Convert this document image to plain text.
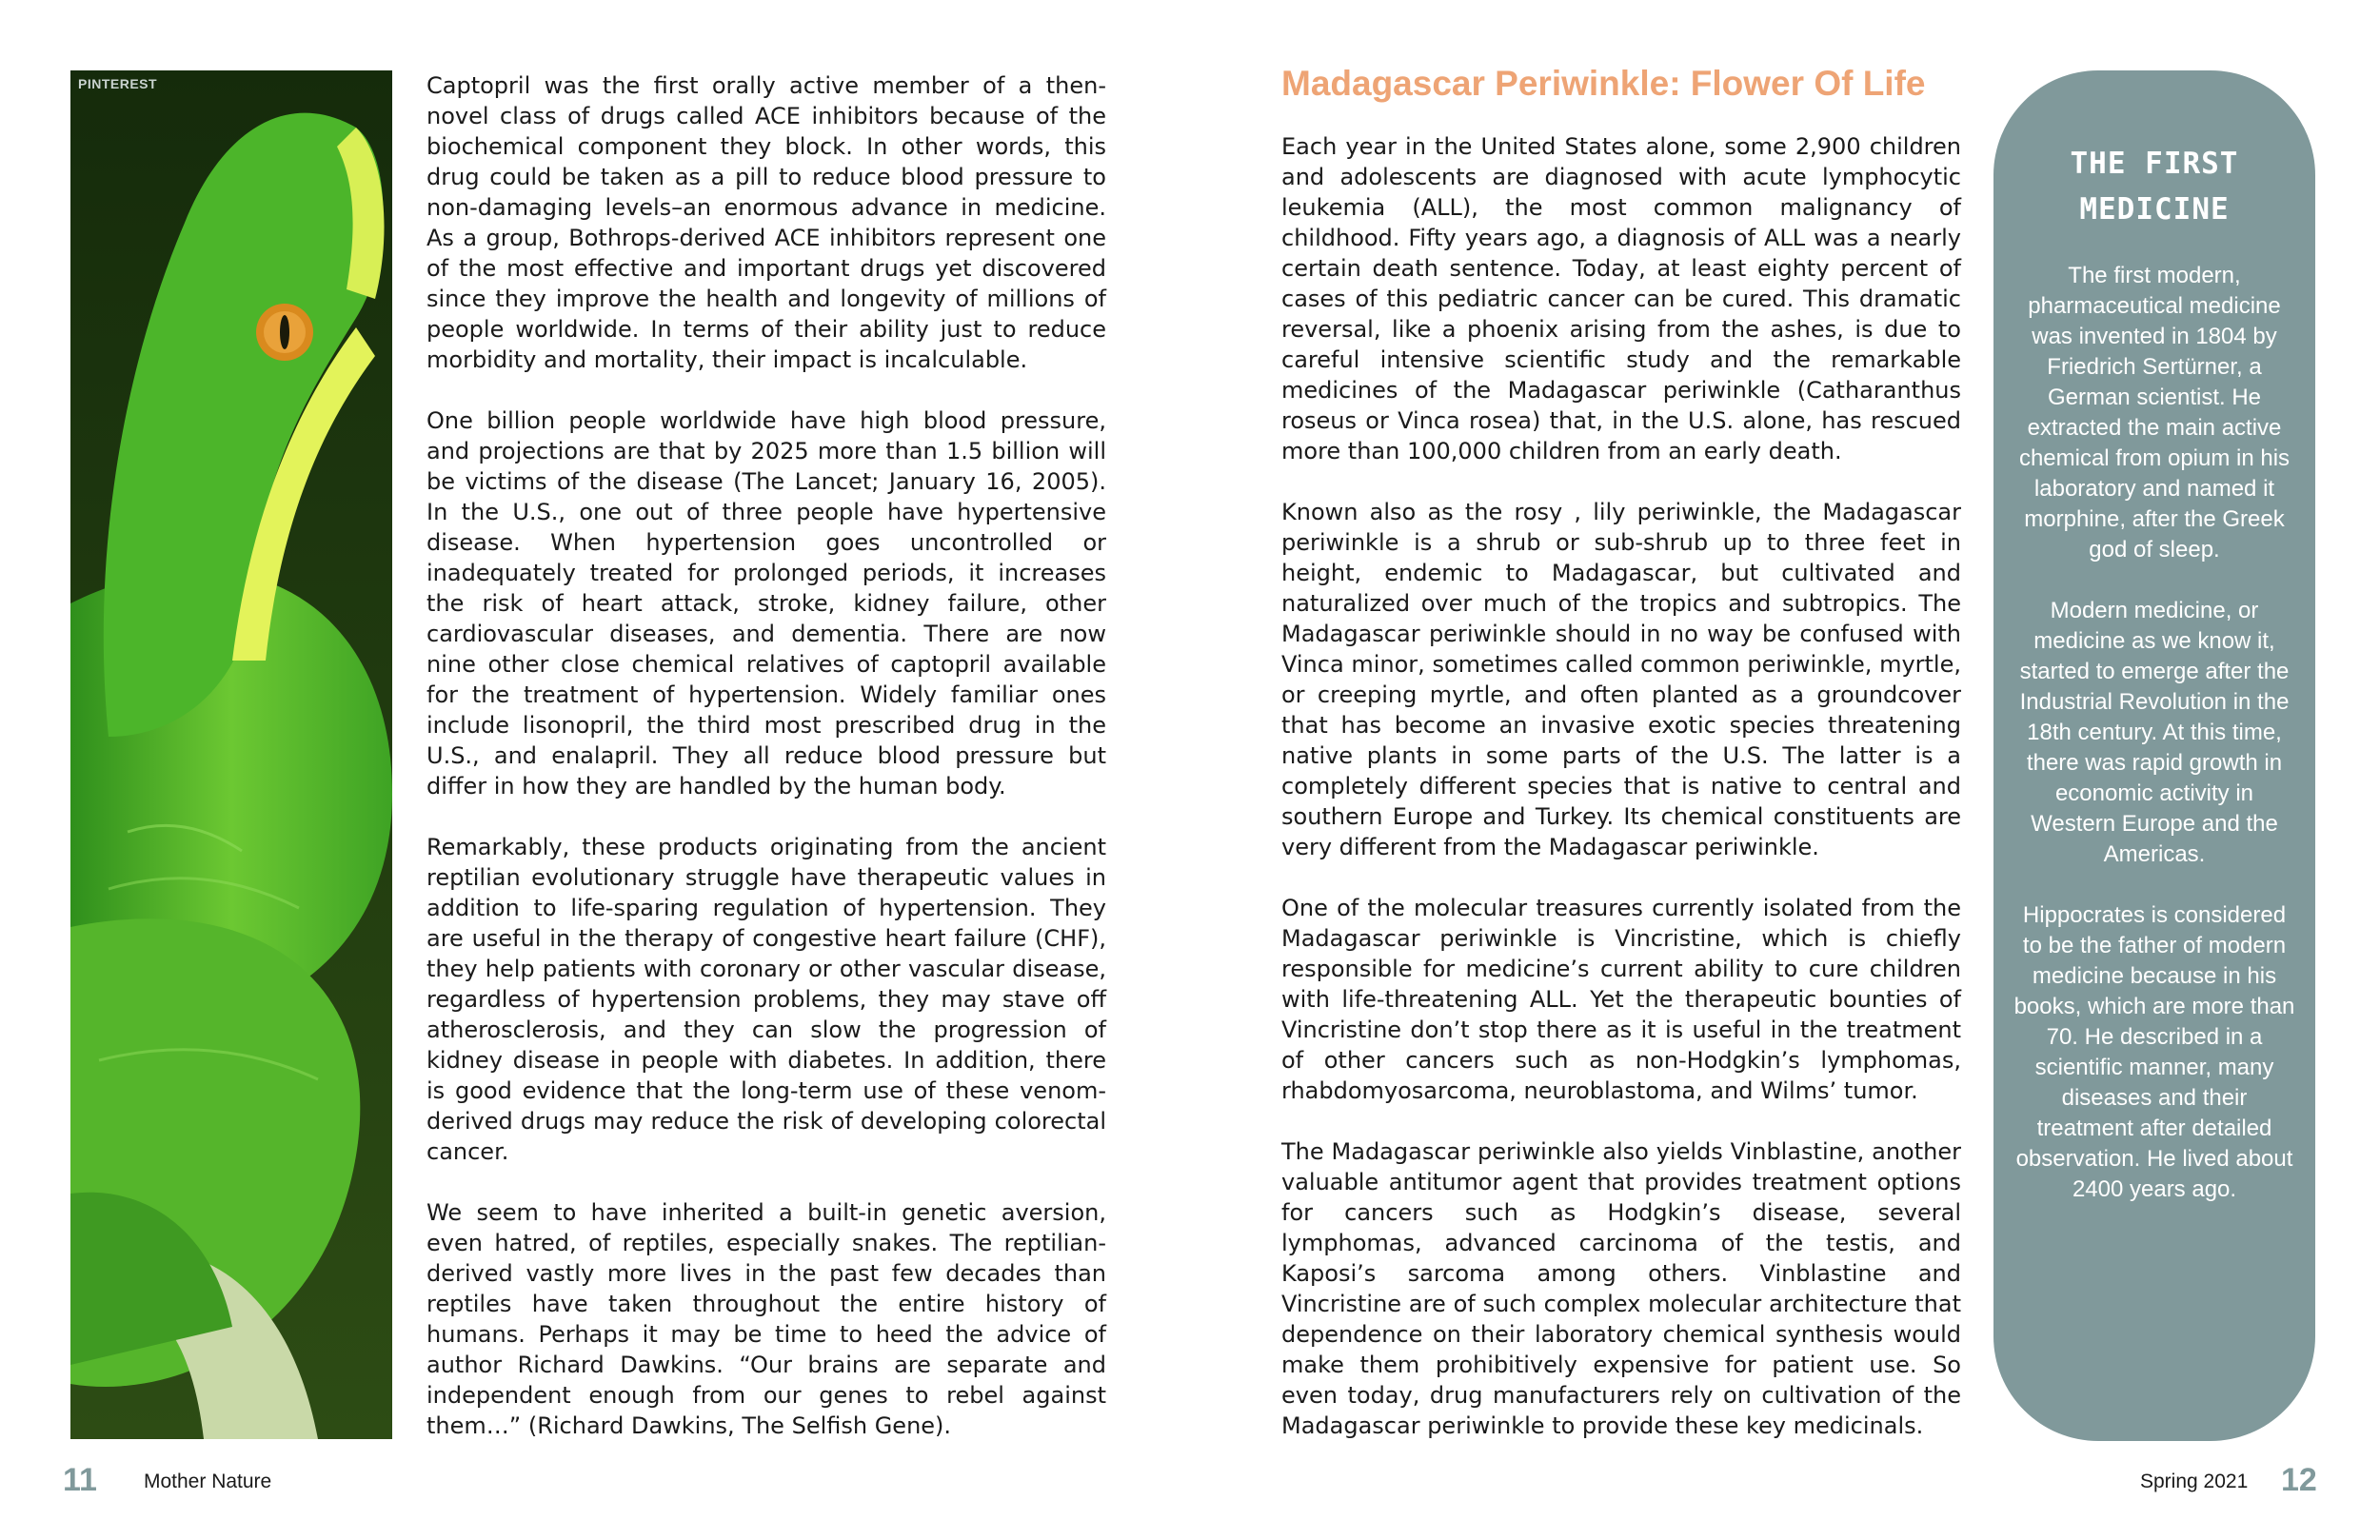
PINTEREST	Captopril was the first orally active member of a then-novel class of drugs called ACE inhibitors because of the biochemical component they block. In other words, this drug could be taken as a pill to reduce blood pressure to non-damaging levels–an enormous advance in medicine. As a group, Bothrops-derived ACE inhibitors represent one of the most effective and important drugs yet discovered since they improve the health and longevity of millions of people worldwide. In terms of their ability just to reduce morbidity and mortality, their impact is incalculable.

One billion people worldwide have high blood pressure, and projections are that by 2025 more than 1.5 billion will be victims of the disease (The Lancet; January 16, 2005). In the U.S., one out of three people have hypertensive disease. When hypertension goes uncontrolled or inadequately treated for prolonged periods, it increases the risk of heart attack, stroke, kidney failure, other cardiovascular diseases, and dementia. There are now nine other close chemical relatives of captopril available for the treatment of hypertension. Widely familiar ones include lisonopril, the third most prescribed drug in the U.S., and enalapril. They all reduce blood pressure but differ in how they are handled by the human body.

Remarkably, these products originating from the ancient reptilian evolutionary struggle have therapeutic values in addition to life-sparing regulation of hypertension. They are useful in the therapy of congestive heart failure (CHF), they help patients with coronary or other vascular disease, regardless of hypertension problems, they may stave off atherosclerosis, and they can slow the progression of kidney disease in people with diabetes. In addition, there is good evidence that the long-term use of these venom-derived drugs may reduce the risk of developing colorectal cancer.

We seem to have inherited a built-in genetic aversion, even hatred, of reptiles, especially snakes. The reptilian-derived vastly more lives in the past few decades than reptiles have taken throughout the entire history of humans. Perhaps it may be time to heed the advice of author Richard Dawkins. “Our brains are separate and independent enough from our genes to rebel against them…” (Richard Dawkins, The Selfish Gene).

11 Mother Nature
Madagascar Periwinkle: Flower Of Life

Each year in the United States alone, some 2,900 children and adolescents are diagnosed with acute lymphocytic leukemia (ALL), the most common malignancy of childhood. Fifty years ago, a diagnosis of ALL was a nearly certain death sentence. Today, at least eighty percent of cases of this pediatric cancer can be cured. This dramatic reversal, like a phoenix arising from the ashes, is due to careful intensive scientific study and the remarkable medicines of the Madagascar periwinkle (Catharanthus roseus or Vinca rosea) that, in the U.S. alone, has rescued more than 100,000 children from an early death.

Known also as the rosy , lily periwinkle, the Madagascar periwinkle is a shrub or sub-shrub up to three feet in height, endemic to Madagascar, but cultivated and naturalized over much of the tropics and subtropics. The Madagascar periwinkle should in no way be confused with Vinca minor, sometimes called common periwinkle, myrtle, or creeping myrtle, and often planted as a groundcover that has become an invasive exotic species threatening native plants in some parts of the U.S. The latter is a completely different species that is native to central and southern Europe and Turkey. Its chemical constituents are very different from the Madagascar periwinkle.

One of the molecular treasures currently isolated from the Madagascar periwinkle is Vincristine, which is chiefly responsible for medicine’s current ability to cure children with life-threatening ALL. Yet the therapeutic bounties of Vincristine don’t stop there as it is useful in the treatment of other cancers such as non-Hodgkin’s lymphomas, rhabdomyosarcoma, neuroblastoma, and Wilms’ tumor.

The Madagascar periwinkle also yields Vinblastine, another valuable antitumor agent that provides treatment options for cancers such as Hodgkin’s disease, several lymphomas, advanced carcinoma of the testis, and Kaposi’s sarcoma among others. Vinblastine and Vincristine are of such complex molecular architecture that dependence on their laboratory chemical synthesis would make them prohibitively expensive for patient use. So even today, drug manufacturers rely on cultivation of the Madagascar periwinkle to provide these key medicinals.

THE FIRST
MEDICINE

The first modern, pharmaceutical medicine was invented in 1804 by Friedrich Sertürner, a German scientist. He extracted the main active chemical from opium in his laboratory and named it morphine, after the Greek god of sleep.

Modern medicine, or medicine as we know it, started to emerge after the Industrial Revolution in the 18th century. At this time, there was rapid growth in economic activity in Western Europe and the Americas.

Hippocrates is considered to be the father of modern medicine because in his books, which are more than 70. He described in a scientific manner, many diseases and their treatment after detailed observation. He lived about 2400 years ago.

Spring 2021 12
